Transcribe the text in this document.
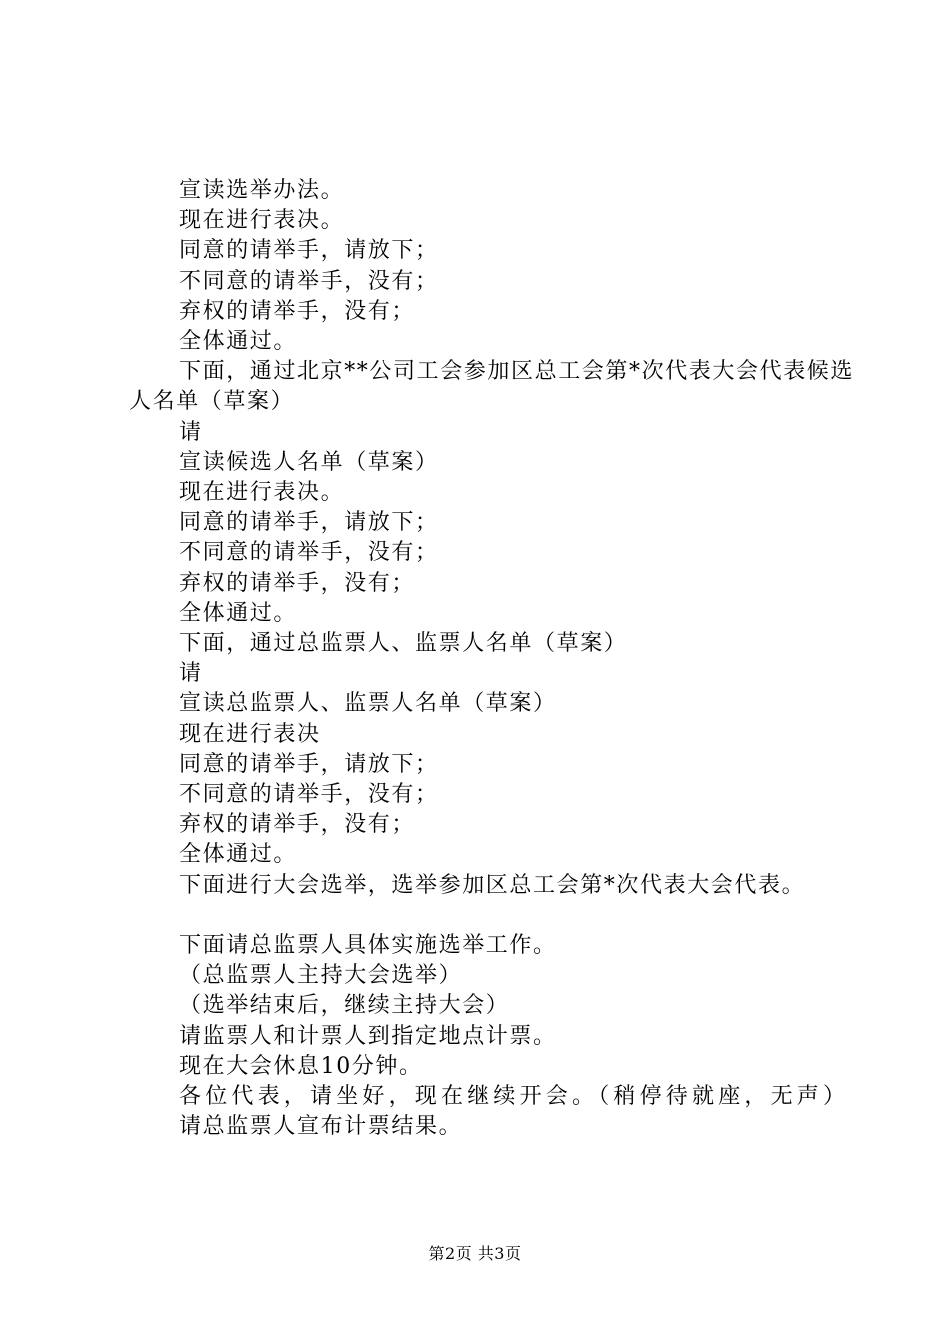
宣读选举办法。

现在进行表决。

同意的请举手，请放下；

不同意的请举手，没有；

弃权的请举手，没有；

全体通过。

下面，通过北京**公司工会参加区总工会第*次代表大会代表候选人名单（草案）

请

宣读候选人名单（草案）

现在进行表决。

同意的请举手，请放下；

不同意的请举手，没有；

弃权的请举手，没有；

全体通过。

下面，通过总监票人、监票人名单（草案）

请

宣读总监票人、监票人名单（草案）

现在进行表决

同意的请举手，请放下；

不同意的请举手，没有；

弃权的请举手，没有；

全体通过。

下面进行大会选举，选举参加区总工会第*次代表大会代表。

下面请总监票人具体实施选举工作。

（总监票人主持大会选举）

（选举结束后，继续主持大会）

请监票人和计票人到指定地点计票。

现在大会休息10分钟。

各位代表，请坐好，现在继续开会。（稍停待就座，无声）

请总监票人宣布计票结果。

第2页 共3页
